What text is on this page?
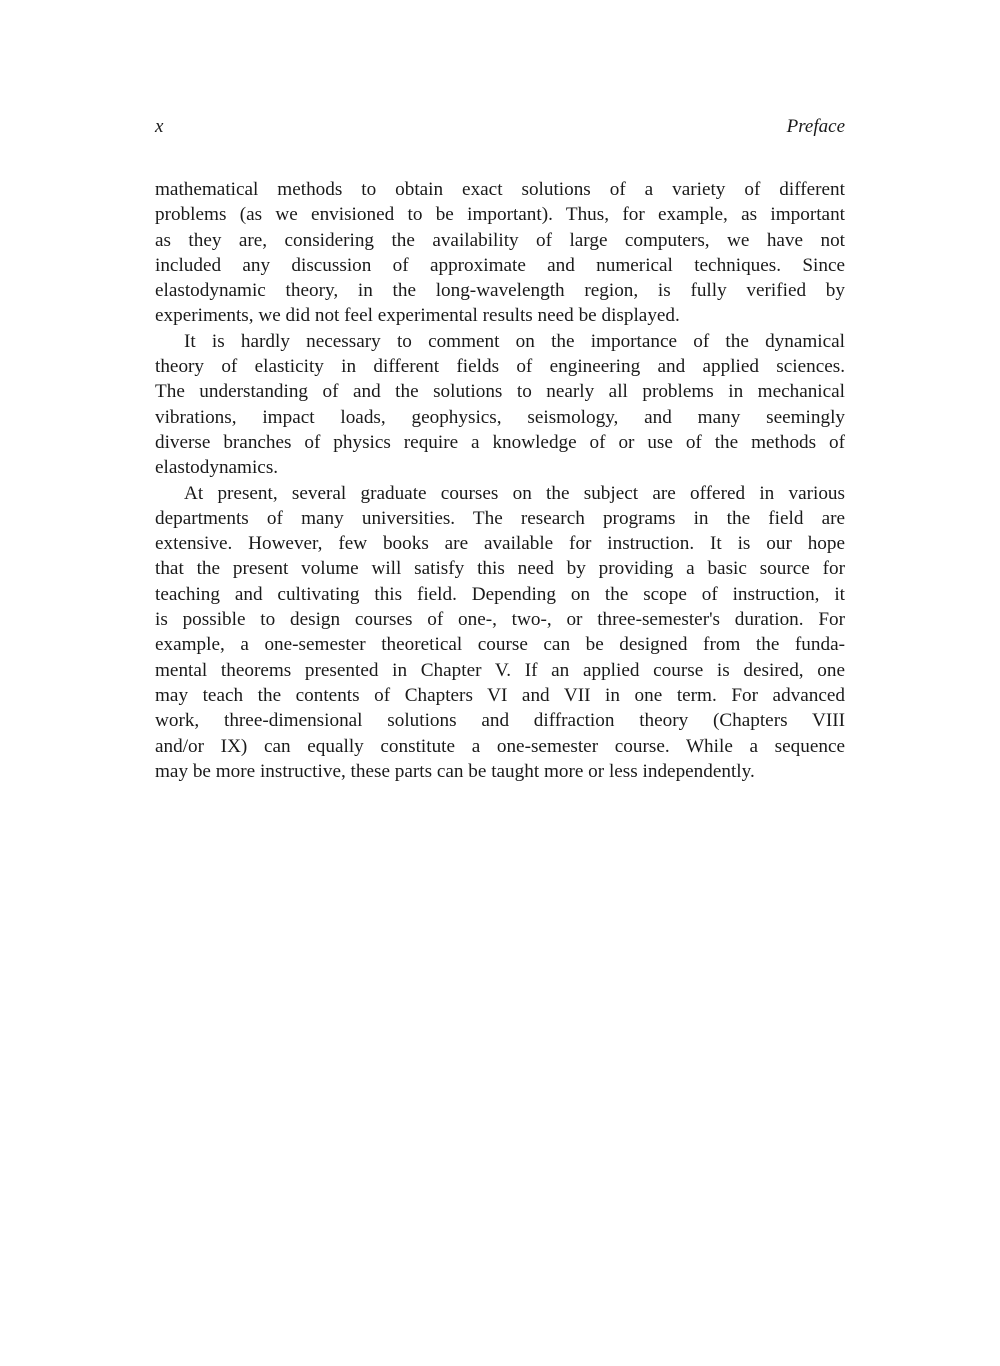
x	Preface
mathematical methods to obtain exact solutions of a variety of different
problems (as we envisioned to be important). Thus, for example, as important
as they are, considering the availability of large computers, we have not
included any discussion of approximate and numerical techniques. Since
elastodynamic theory, in the long-wavelength region, is fully verified by
experiments, we did not feel experimental results need be displayed.
It is hardly necessary to comment on the importance of the dynamical
theory of elasticity in different fields of engineering and applied sciences.
The understanding of and the solutions to nearly all problems in mechanical
vibrations, impact loads, geophysics, seismology, and many seemingly
diverse branches of physics require a knowledge of or use of the methods of
elastodynamics.
At present, several graduate courses on the subject are offered in various
departments of many universities. The research programs in the field are
extensive. However, few books are available for instruction. It is our hope
that the present volume will satisfy this need by providing a basic source for
teaching and cultivating this field. Depending on the scope of instruction, it
is possible to design courses of one-, two-, or three-semester's duration. For
example, a one-semester theoretical course can be designed from the funda-
mental theorems presented in Chapter V. If an applied course is desired, one
may teach the contents of Chapters VI and VII in one term. For advanced
work, three-dimensional solutions and diffraction theory (Chapters VIII
and/or IX) can equally constitute a one-semester course. While a sequence
may be more instructive, these parts can be taught more or less independently.
